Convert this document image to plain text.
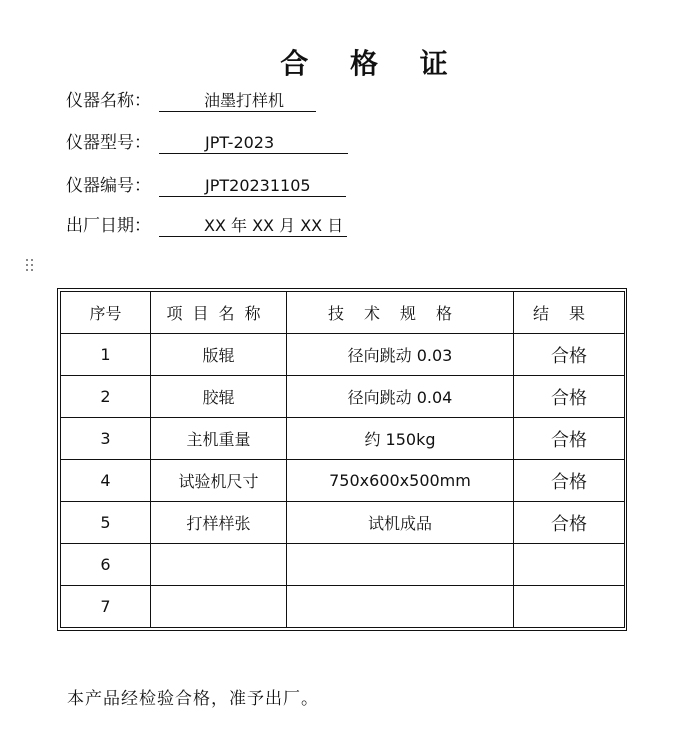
合 格 证
仪器名称：	油墨打样机
仪器型号：	JPT-2023
仪器编号：	JPT20231105
出厂日期：	XX 年 XX 月 XX 日
序号	项目名称	技术规格	结果
1	版辊	径向跳动 0.03	合格
2	胶辊	径向跳动 0.04	合格
3	主机重量	约 150kg	合格
4	试验机尺寸	750x600x500mm	合格
5	打样样张	试机成品	合格
6			
7			
本产品经检验合格，准予出厂。
